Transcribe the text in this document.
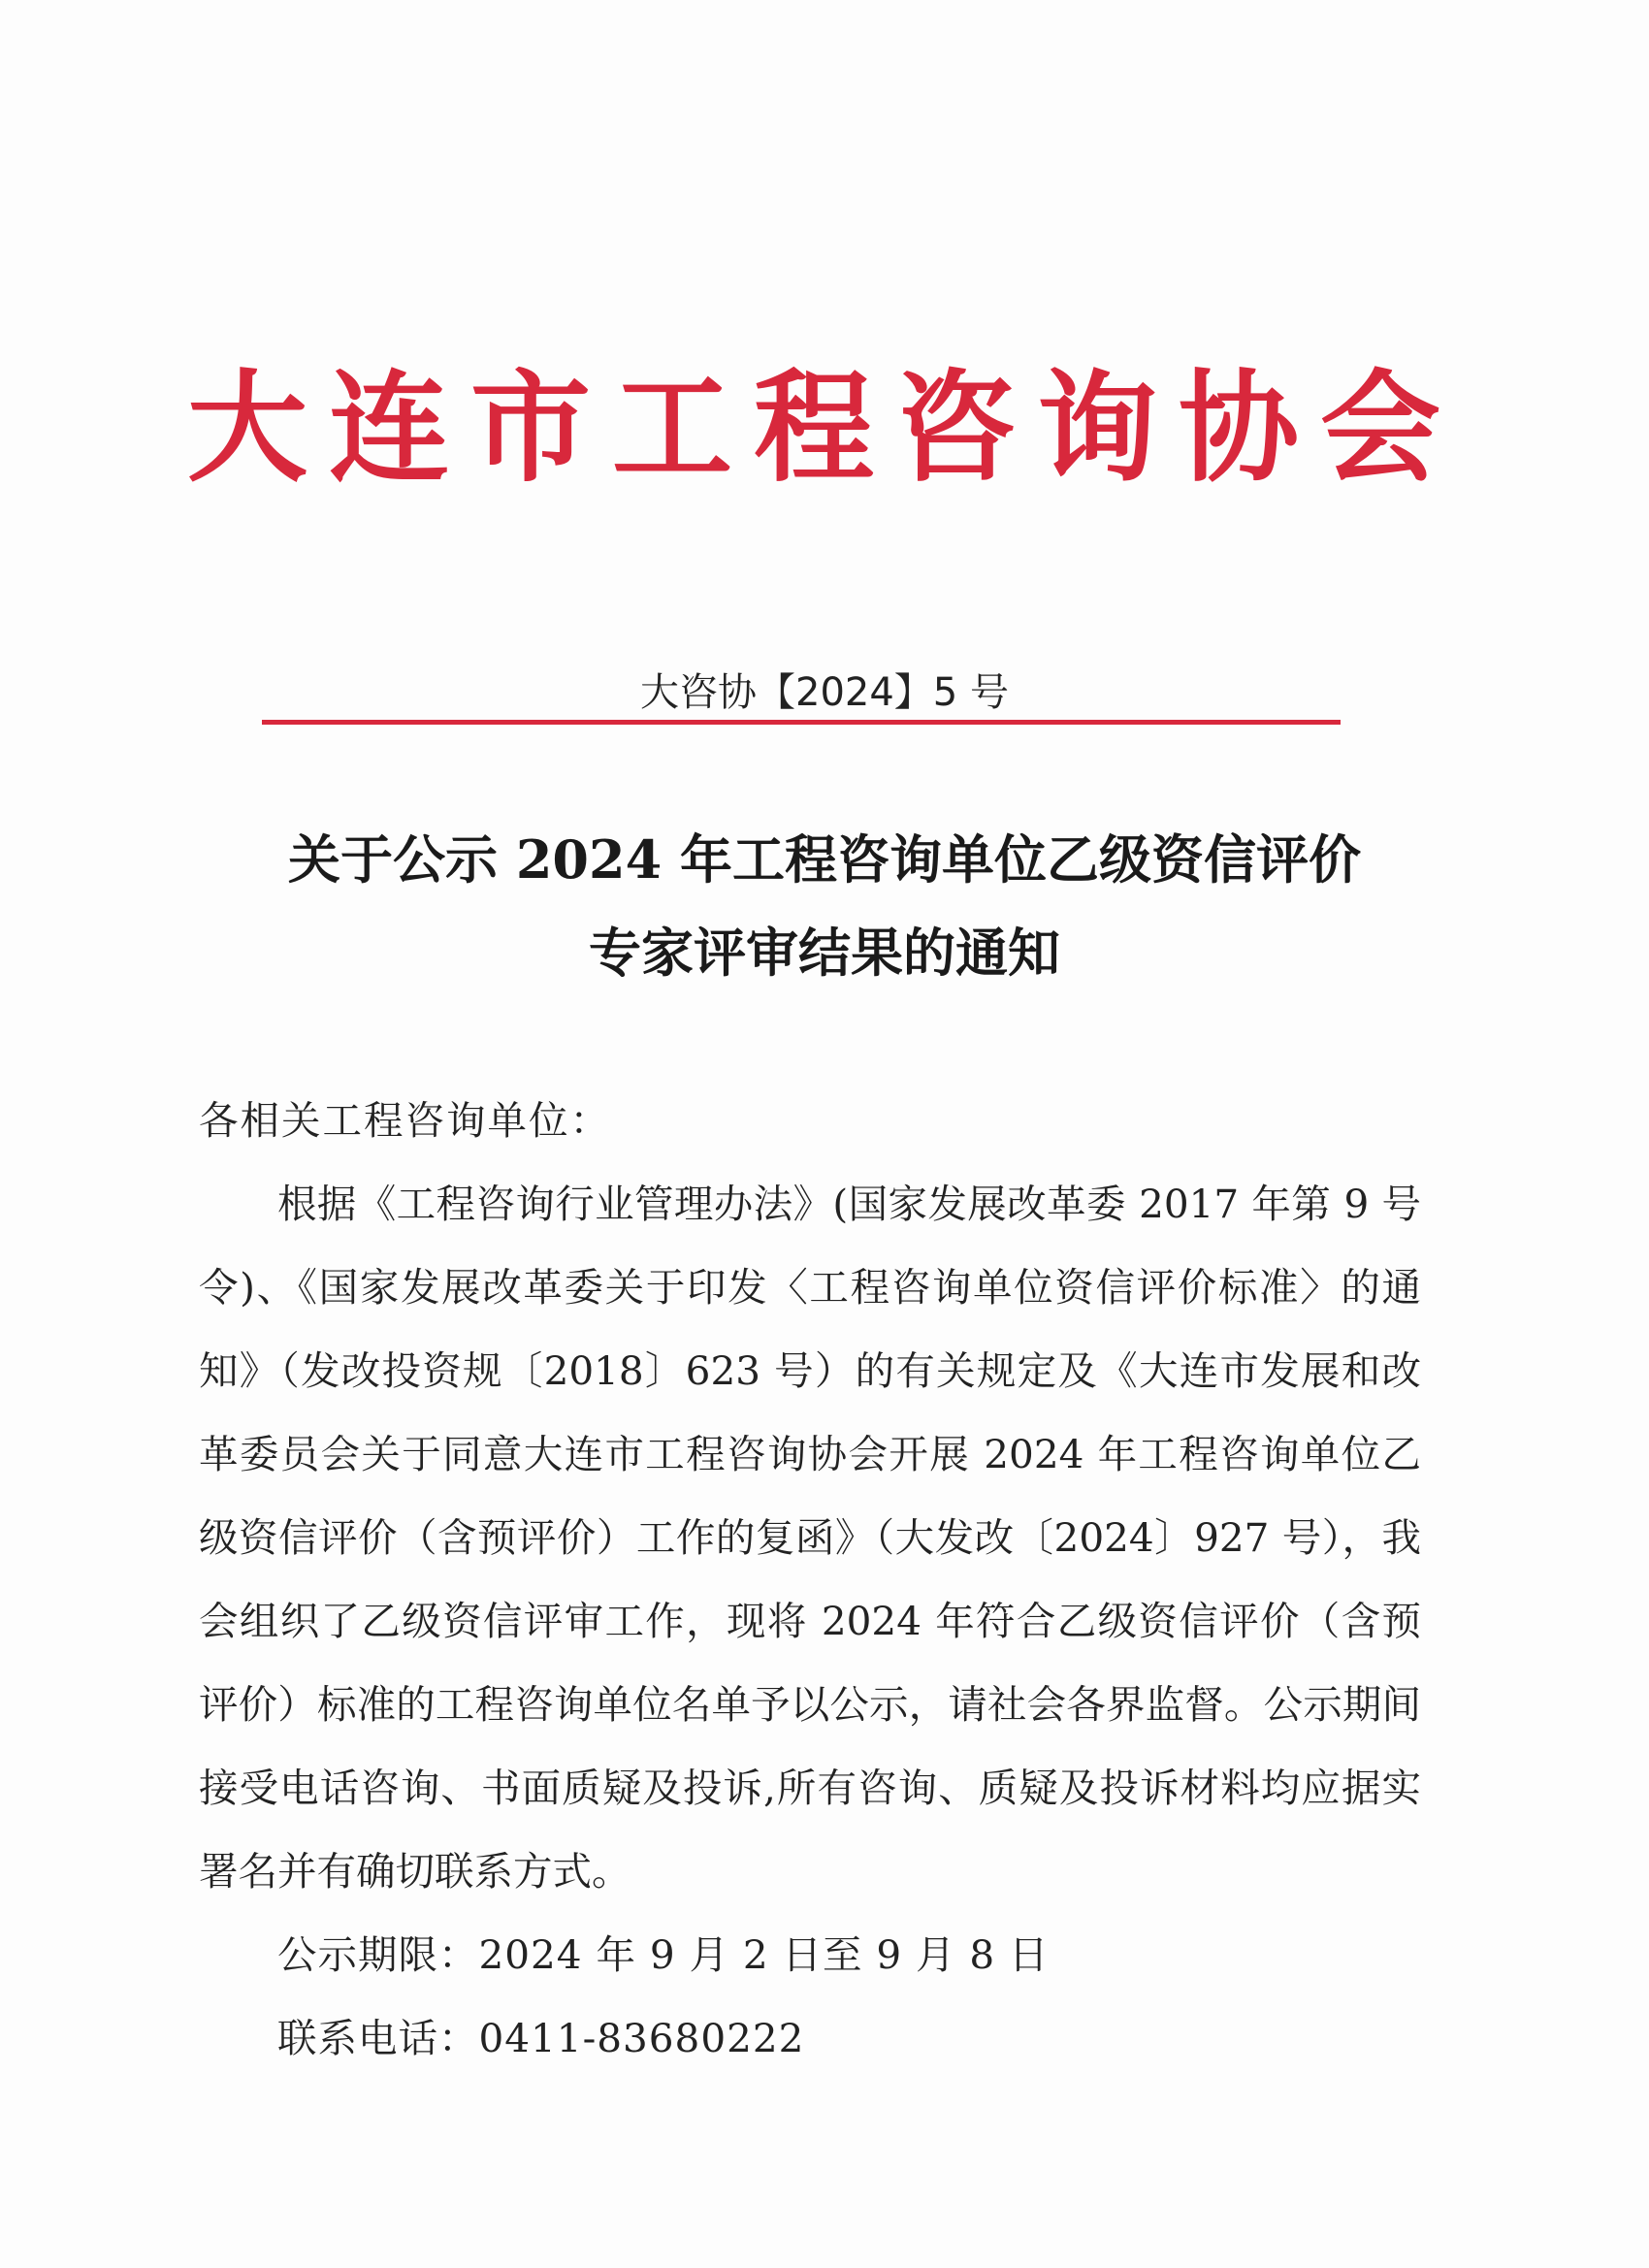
大连市工程咨询协会
大咨协【2024】5 号
关于公示 2024 年工程咨询单位乙级资信评价
专家评审结果的通知

各相关工程咨询单位：

根据《工程咨询行业管理办法》(国家发展改革委 2017 年第 9 号令)、《国家发展改革委关于印发〈工程咨询单位资信评价标准〉的通知》（发改投资规〔2018〕623 号）的有关规定及《大连市发展和改革委员会关于同意大连市工程咨询协会开展 2024 年工程咨询单位乙级资信评价（含预评价）工作的复函》（大发改〔2024〕927 号），我会组织了乙级资信评审工作，现将 2024 年符合乙级资信评价（含预评价）标准的工程咨询单位名单予以公示，请社会各界监督。公示期间接受电话咨询、书面质疑及投诉,所有咨询、质疑及投诉材料均应据实署名并有确切联系方式。

公示期限：2024 年 9 月 2 日至 9 月 8 日

联系电话：0411-83680222
